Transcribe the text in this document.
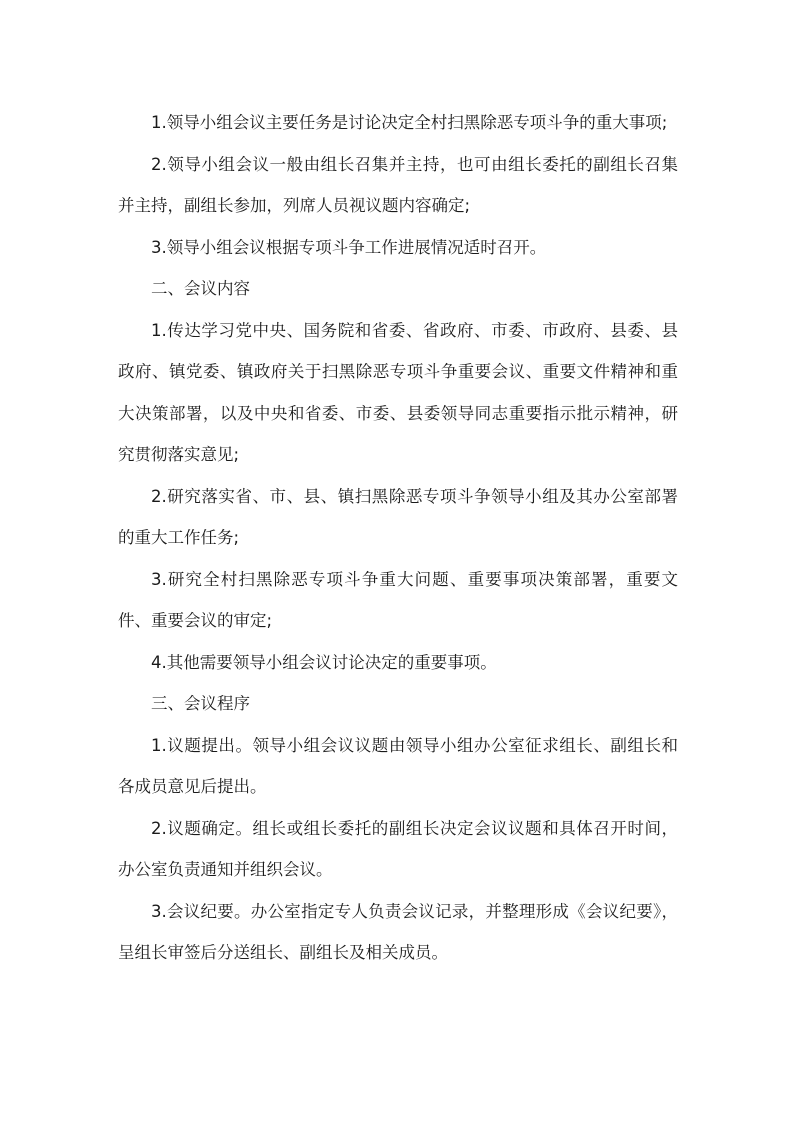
1.领导小组会议主要任务是讨论决定全村扫黑除恶专项斗争的重大事项;

2.领导小组会议一般由组长召集并主持，也可由组长委托的副组长召集并主持，副组长参加，列席人员视议题内容确定;

3.领导小组会议根据专项斗争工作进展情况适时召开。

二、会议内容

1.传达学习党中央、国务院和省委、省政府、市委、市政府、县委、县政府、镇党委、镇政府关于扫黑除恶专项斗争重要会议、重要文件精神和重大决策部署，以及中央和省委、市委、县委领导同志重要指示批示精神，研究贯彻落实意见;

2.研究落实省、市、县、镇扫黑除恶专项斗争领导小组及其办公室部署的重大工作任务;

3.研究全村扫黑除恶专项斗争重大问题、重要事项决策部署，重要文件、重要会议的审定;

4.其他需要领导小组会议讨论决定的重要事项。

三、会议程序

1.议题提出。领导小组会议议题由领导小组办公室征求组长、副组长和各成员意见后提出。

2.议题确定。组长或组长委托的副组长决定会议议题和具体召开时间，办公室负责通知并组织会议。

3.会议纪要。办公室指定专人负责会议记录，并整理形成《会议纪要》，呈组长审签后分送组长、副组长及相关成员。
